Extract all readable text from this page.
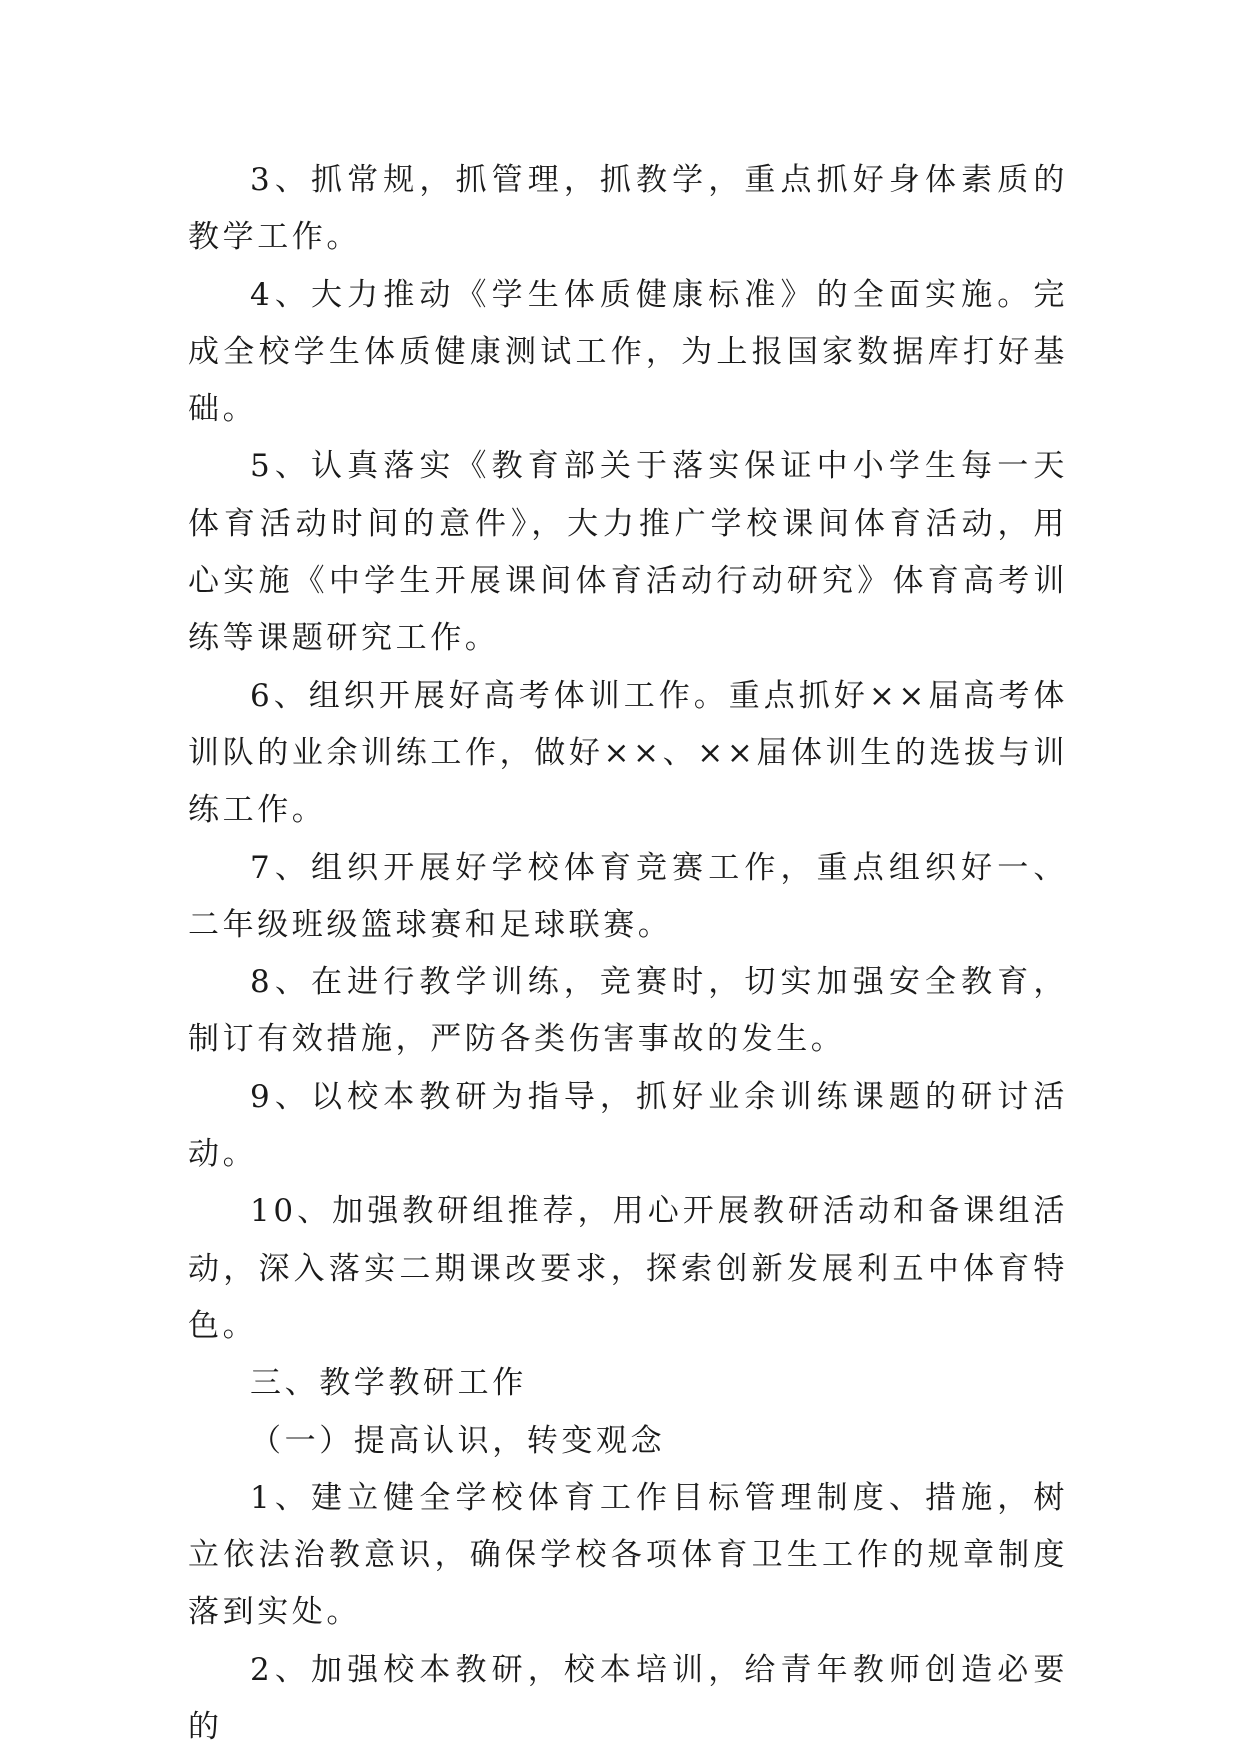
3、抓常规，抓管理，抓教学，重点抓好身体素质的教学工作。

4、大力推动《学生体质健康标准》的全面实施。完成全校学生体质健康测试工作，为上报国家数据库打好基础。

5、认真落实《教育部关于落实保证中小学生每一天体育活动时间的意件》，大力推广学校课间体育活动，用心实施《中学生开展课间体育活动行动研究》体育高考训练等课题研究工作。

6、组织开展好高考体训工作。重点抓好××届高考体训队的业余训练工作，做好××、××届体训生的选拔与训练工作。

7、组织开展好学校体育竞赛工作，重点组织好一、二年级班级篮球赛和足球联赛。

8、在进行教学训练，竞赛时，切实加强安全教育，制订有效措施，严防各类伤害事故的发生。

9、以校本教研为指导，抓好业余训练课题的研讨活动。

10、加强教研组推荐，用心开展教研活动和备课组活动，深入落实二期课改要求，探索创新发展利五中体育特色。

三、教学教研工作

（一）提高认识，转变观念

1、建立健全学校体育工作目标管理制度、措施，树立依法治教意识，确保学校各项体育卫生工作的规章制度落到实处。

2、加强校本教研，校本培训，给青年教师创造必要的
